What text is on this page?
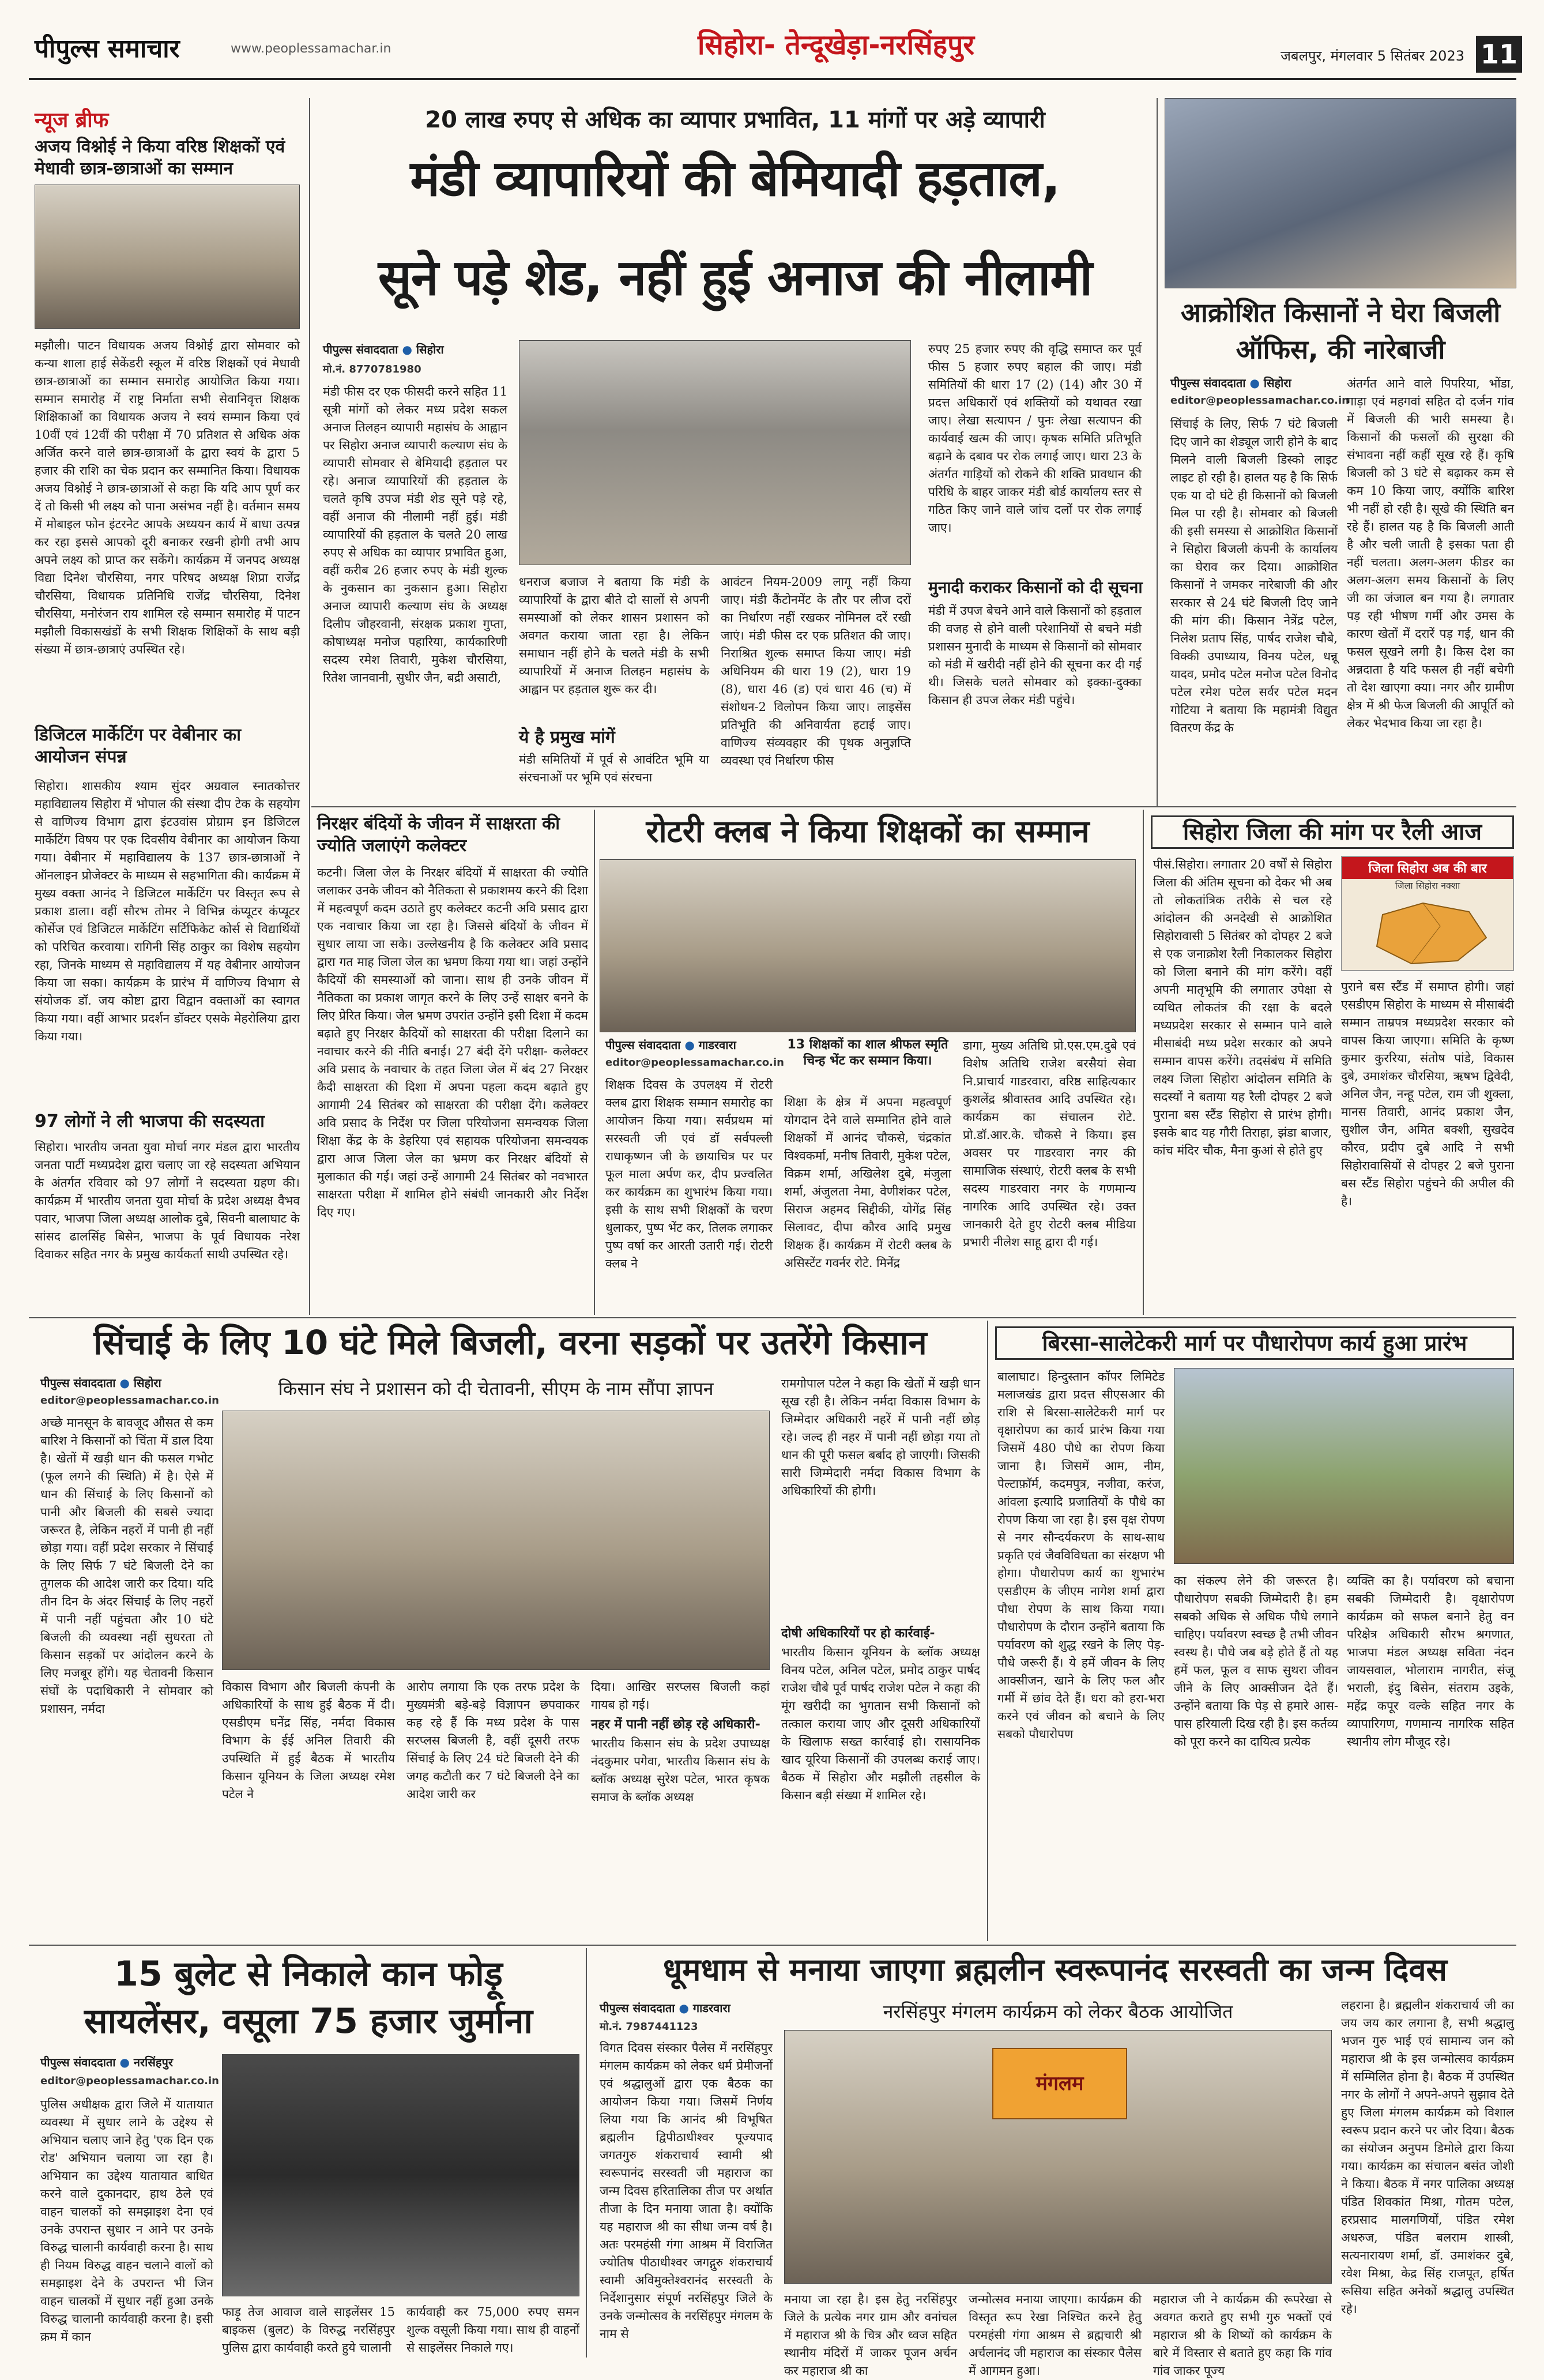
पीपुल्स समाचार	www.peoplessamachar.in	सिहोरा- तेन्दूखेड़ा-नरसिंहपुर	जबलपुर, मंगलवार 5 सितंबर 2023 11
न्यूज ब्रीफ
अजय विश्नोई ने किया वरिष्ठ शिक्षकों एवं मेधावी छात्र-छात्राओं का सम्मान
मझौली। पाटन विधायक अजय विश्नोई द्वारा सोमवार को कन्या शाला हाई सेकेंडरी स्कूल में वरिष्ठ शिक्षकों एवं मेधावी छात्र-छात्राओं का सम्मान समारोह आयोजित किया गया। सम्मान समारोह में राष्ट्र निर्माता सभी सेवानिवृत्त शिक्षक शिक्षिकाओं का विधायक अजय ने स्वयं सम्मान किया एवं 10वीं एवं 12वीं की परीक्षा में 70 प्रतिशत से अधिक अंक अर्जित करने वाले छात्र-छात्राओं के द्वारा स्वयं के द्वारा 5 हजार की राशि का चेक प्रदान कर सम्मानित किया। विधायक अजय विश्नोई ने छात्र-छात्राओं से कहा कि यदि आप पूर्ण कर दें तो किसी भी लक्ष्य को पाना असंभव नहीं है। वर्तमान समय में मोबाइल फोन इंटरनेट आपके अध्ययन कार्य में बाधा उत्पन्न कर रहा इससे आपको दूरी बनाकर रखनी होगी तभी आप अपने लक्ष्य को प्राप्त कर सकेंगे। कार्यक्रम में जनपद अध्यक्ष विद्या दिनेश चौरसिया, नगर परिषद अध्यक्ष शिप्रा राजेंद्र चौरसिया, विधायक प्रतिनिधि राजेंद्र चौरसिया, दिनेश चौरसिया, मनोरंजन राय शामिल रहे सम्मान समारोह में पाटन मझौली विकासखंडों के सभी शिक्षक शिक्षिकों के साथ बड़ी संख्या में छात्र-छात्राएं उपस्थित रहे।
डिजिटल मार्केटिंग पर वेबीनार का आयोजन संपन्न
सिहोरा। शासकीय श्याम सुंदर अग्रवाल स्नातकोत्तर महाविद्यालय सिहोरा में भोपाल की संस्था दीप टेक के सहयोग से वाणिज्य विभाग द्वारा इंटउवांस प्रोग्राम इन डिजिटल मार्केटिंग विषय पर एक दिवसीय वेबीनार का आयोजन किया गया। वेबीनार में महाविद्यालय के 137 छात्र-छात्राओं ने ऑनलाइन प्रोजेक्टर के माध्यम से सहभागिता की। कार्यक्रम में मुख्य वक्ता आनंद ने डिजिटल मार्केटिंग पर विस्तृत रूप से प्रकाश डाला। वहीं सौरभ तोमर ने विभिन्न कंप्यूटर कंप्यूटर कोर्सेज एवं डिजिटल मार्केटिंग सर्टिफिकेट कोर्स से विद्यार्थियों को परिचित करवाया। रागिनी सिंह ठाकुर का विशेष सहयोग रहा, जिनके माध्यम से महाविद्यालय में यह वेबीनार आयोजन किया जा सका। कार्यक्रम के प्रारंभ में वाणिज्य विभाग से संयोजक डॉ. जय कोष्टा द्वारा विद्वान वक्ताओं का स्वागत किया गया। वहीं आभार प्रदर्शन डॉक्टर एसके मेहरोलिया द्वारा किया गया।
97 लोगों ने ली भाजपा की सदस्यता
सिहोरा। भारतीय जनता युवा मोर्चा नगर मंडल द्वारा भारतीय जनता पार्टी मध्यप्रदेश द्वारा चलाए जा रहे सदस्यता अभियान के अंतर्गत रविवार को 97 लोगों ने सदस्यता ग्रहण की। कार्यक्रम में भारतीय जनता युवा मोर्चा के प्रदेश अध्यक्ष वैभव पवार, भाजपा जिला अध्यक्ष आलोक दुबे, सिवनी बालाघाट के सांसद ढालसिंह बिसेन, भाजपा के पूर्व विधायक नरेश दिवाकर सहित नगर के प्रमुख कार्यकर्ता साथी उपस्थित रहे।
20 लाख रुपए से अधिक का व्यापार प्रभावित, 11 मांगों पर अड़े व्यापारी
मंडी व्यापारियों की बेमियादी हड़ताल,
सूने पड़े शेड, नहीं हुई अनाज की नीलामी
पीपुल्स संवाददाता ● सिहोरा
मो.नं. 8770781980
मंडी फीस दर एक फीसदी करने सहित 11 सूत्री मांगों को लेकर मध्य प्रदेश सकल अनाज तिलहन व्यापारी महासंघ के आह्वान पर सिहोरा अनाज व्यापारी कल्याण संघ के व्यापारी सोमवार से बेमियादी हड़ताल पर रहे। अनाज व्यापारियों की हड़ताल के चलते कृषि उपज मंडी शेड सूने पड़े रहे, वहीं अनाज की नीलामी नहीं हुई। मंडी व्यापारियों की हड़ताल के चलते 20 लाख रुपए से अधिक का व्यापार प्रभावित हुआ, वहीं करीब 26 हजार रुपए के मंडी शुल्क के नुकसान का नुकसान हुआ। सिहोरा अनाज व्यापारी कल्याण संघ के अध्यक्ष दिलीप जौहरवानी, संरक्षक प्रकाश गुप्ता, कोषाध्यक्ष मनोज पहारिया, कार्यकारिणी सदस्य रमेश तिवारी, मुकेश चौरसिया, रितेश जानवानी, सुधीर जैन, बद्री असाटी,
धनराज बजाज ने बताया कि मंडी के व्यापारियों के द्वारा बीते दो सालों से अपनी समस्याओं को लेकर शासन प्रशासन को अवगत कराया जाता रहा है। लेकिन समाधान नहीं होने के चलते मंडी के सभी व्यापारियों में अनाज तिलहन महासंघ के आह्वान पर हड़ताल शुरू कर दी।
ये है प्रमुख मांगें
मंडी समितियों में पूर्व से आवंटित भूमि या संरचनाओं पर भूमि एवं संरचना
आवंटन नियम-2009 लागू नहीं किया जाए। मंडी कैंटोनमेंट के तौर पर लीज दरों का निर्धारण नहीं रखकर नोमिनल दरें रखी जाएं। मंडी फीस दर एक प्रतिशत की जाए। निराश्रित शुल्क समाप्त किया जाए। मंडी अधिनियम की धारा 19 (2), धारा 19 (8), धारा 46 (ड) एवं धारा 46 (च) में संशोधन-2 विलोपन किया जाए। लाइसेंस प्रतिभूति की अनिवार्यता हटाई जाए। वाणिज्य संव्यवहार की पृथक अनुज्ञप्ति व्यवस्था एवं निर्धारण फीस
रुपए 25 हजार रुपए की वृद्धि समाप्त कर पूर्व फीस 5 हजार रुपए बहाल की जाए। मंडी समितियों की धारा 17 (2) (14) और 30 में प्रदत्त अधिकारों एवं शक्तियों को यथावत रखा जाए। लेखा सत्यापन / पुनः लेखा सत्यापन की कार्यवाई खत्म की जाए। कृषक समिति प्रतिभूति बढ़ाने के दबाव पर रोक लगाई जाए। धारा 23 के अंतर्गत गाड़ियों को रोकने की शक्ति प्रावधान की परिधि के बाहर जाकर मंडी बोर्ड कार्यालय स्तर से गठित किए जाने वाले जांच दलों पर रोक लगाई जाए।
मुनादी कराकर किसानों को दी सूचना
मंडी में उपज बेचने आने वाले किसानों को हड़ताल की वजह से होने वाली परेशानियों से बचने मंडी प्रशासन मुनादी के माध्यम से किसानों को सोमवार को मंडी में खरीदी नहीं होने की सूचना कर दी गई थी। जिसके चलते सोमवार को इक्का-दुक्का किसान ही उपज लेकर मंडी पहुंचे।
आक्रोशित किसानों ने घेरा बिजली ऑफिस, की नारेबाजी
पीपुल्स संवाददाता ● सिहोरा
editor@peoplessamachar.co.in
सिंचाई के लिए, सिर्फ 7 घंटे बिजली दिए जाने का शेड्यूल जारी होने के बाद मिलने वाली बिजली डिस्को लाइट लाइट हो रही है। हालत यह है कि सिर्फ एक या दो घंटे ही किसानों को बिजली मिल पा रही है। सोमवार को बिजली की इसी समस्या से आक्रोशित किसानों ने सिहोरा बिजली कंपनी के कार्यालय का घेराव कर दिया। आक्रोशित किसानों ने जमकर नारेबाजी की और सरकार से 24 घंटे बिजली दिए जाने की मांग की। किसान नेत्रेंद्र पटेल, निलेश प्रताप सिंह, पार्षद राजेश चौबे, विक्की उपाध्याय, विनय पटेल, धन्नू यादव, प्रमोद पटेल मनोज पटेल विनोद पटेल रमेश पटेल सर्वर पटेल मदन गोटिया ने बताया कि महामंत्री विद्युत वितरण केंद्र के
अंतर्गत आने वाले पिपरिया, भोंडा, गाड़ा एवं महगवां सहित दो दर्जन गांव में बिजली की भारी समस्या है। किसानों की फसलों की सुरक्षा की संभावना नहीं कहीं सूख रहे हैं। कृषि बिजली को 3 घंटे से बढ़ाकर कम से कम 10 किया जाए, क्योंकि बारिश भी नहीं हो रही है। सूखे की स्थिति बन रहे हैं। हालत यह है कि बिजली आती है और चली जाती है इसका पता ही नहीं चलता। अलग-अलग फीडर का अलग-अलग समय किसानों के लिए जी का जंजाल बन गया है। लगातार पड़ रही भीषण गर्मी और उमस के कारण खेतों में दरारें पड़ गई, धान की फसल सूखने लगी है। किस देश का अन्नदाता है यदि फसल ही नहीं बचेगी तो देश खाएगा क्या। नगर और ग्रामीण क्षेत्र में श्री फेज बिजली की आपूर्ति को लेकर भेदभाव किया जा रहा है।
निरक्षर बंदियों के जीवन में साक्षरता की ज्योति जलाएंगे कलेक्टर
कटनी। जिला जेल के निरक्षर बंदियों में साक्षरता की ज्योति जलाकर उनके जीवन को नैतिकता से प्रकाशमय करने की दिशा में महत्वपूर्ण कदम उठाते हुए कलेक्टर कटनी अवि प्रसाद द्वारा एक नवाचार किया जा रहा है। जिससे बंदियों के जीवन में सुधार लाया जा सके। उल्लेखनीय है कि कलेक्टर अवि प्रसाद द्वारा गत माह जिला जेल का भ्रमण किया गया था। जहां उन्होंने कैदियों की समस्याओं को जाना। साथ ही उनके जीवन में नैतिकता का प्रकाश जागृत करने के लिए उन्हें साक्षर बनने के लिए प्रेरित किया। जेल भ्रमण उपरांत उन्होंने इसी दिशा में कदम बढ़ाते हुए निरक्षर कैदियों को साक्षरता की परीक्षा दिलाने का नवाचार करने की नीति बनाई। 27 बंदी देंगे परीक्षा- कलेक्टर अवि प्रसाद के नवाचार के तहत जिला जेल में बंद 27 निरक्षर कैदी साक्षरता की दिशा में अपना पहला कदम बढ़ाते हुए आगामी 24 सितंबर को साक्षरता की परीक्षा देंगे। कलेक्टर अवि प्रसाद के निर्देश पर जिला परियोजना समन्वयक जिला शिक्षा केंद्र के के डेहरिया एवं सहायक परियोजना समन्वयक द्वारा आज जिला जेल का भ्रमण कर निरक्षर बंदियों से मुलाकात की गई। जहां उन्हें आगामी 24 सितंबर को नवभारत साक्षरता परीक्षा में शामिल होने संबंधी जानकारी और निर्देश दिए गए।
रोटरी क्लब ने किया शिक्षकों का सम्मान
पीपुल्स संवाददाता ● गाडरवारा
editor@peoplessamachar.co.in
शिक्षक दिवस के उपलक्ष्य में रोटरी क्लब द्वारा शिक्षक सम्मान समारोह का आयोजन किया गया। सर्वप्रथम मां सरस्वती जी एवं डॉ सर्वपल्ली राधाकृष्णन जी के छायाचित्र पर पर फूल माला अर्पण कर, दीप प्रज्वलित कर कार्यक्रम का शुभारंभ किया गया। इसी के साथ सभी शिक्षकों के चरण धुलाकर, पुष्प भेंट कर, तिलक लगाकर पुष्प वर्षा कर आरती उतारी गई। रोटरी क्लब ने
13 शिक्षकों का शाल श्रीफल स्मृति चिन्ह भेंट कर सम्मान किया।
शिक्षा के क्षेत्र में अपना महत्वपूर्ण योगदान देने वाले सम्मानित होने वाले शिक्षकों में आनंद चौकसे, चंद्रकांत विश्वकर्मा, मनीष तिवारी, मुकेश पटेल, विक्रम शर्मा, अखिलेश दुबे, मंजुला शर्मा, अंजुलता नेमा, वेणीशंकर पटेल, सिराज अहमद सिद्दीकी, योगेंद्र सिंह सिलावट, दीपा कौरव आदि प्रमुख शिक्षक हैं। कार्यक्रम में रोटरी क्लब के असिस्टेंट गवर्नर रोटे. मिनेंद्र
डागा, मुख्य अतिथि प्रो.एस.एम.दुबे एवं विशेष अतिथि राजेश बरसैयां सेवा नि.प्राचार्य गाडरवारा, वरिष्ठ साहित्यकार कुशलेंद्र श्रीवास्तव आदि उपस्थित रहे। कार्यक्रम का संचालन रोटे. प्रो.डॉ.आर.के. चौकसे ने किया। इस अवसर पर गाडरवारा नगर की सामाजिक संस्थाएं, रोटरी क्लब के सभी सदस्य गाडरवारा नगर के गणमान्य नागरिक आदि उपस्थित रहे। उक्त जानकारी देते हुए रोटरी क्लब मीडिया प्रभारी नीलेश साहू द्वारा दी गई।
सिहोरा जिला की मांग पर रैली आज
पीसं.सिहोरा। लगातार 20 वर्षों से सिहोरा जिला की अंतिम सूचना को देकर भी अब तो लोकतांत्रिक तरीके से चल रहे आंदोलन की अनदेखी से आक्रोशित सिहोरावासी 5 सितंबर को दोपहर 2 बजे से एक जनाक्रोश रैली निकालकर सिहोरा को जिला बनाने की मांग करेंगे। वहीं अपनी मातृभूमि की लगातार उपेक्षा से व्यथित लोकतंत्र की रक्षा के बदले मध्यप्रदेश सरकार से सम्मान पाने वाले मीसाबंदी मध्य प्रदेश सरकार को अपने सम्मान वापस करेंगे। तदसंबंध में समिति लक्ष्य जिला सिहोरा आंदोलन समिति के सदस्यों ने बताया यह रैली दोपहर 2 बजे पुराना बस स्टैंड सिहोरा से प्रारंभ होगी। इसके बाद यह गौरी तिराहा, झंडा बाजार, कांच मंदिर चौक, मैना कुआं से होते हुए
जिला सिहोरा अब की बार
जिला सिहोरा नक्शा
पुराने बस स्टैंड में समाप्त होगी। जहां एसडीएम सिहोरा के माध्यम से मीसाबंदी सम्मान ताम्रपत्र मध्यप्रदेश सरकार को वापस किया जाएगा। समिति के कृष्ण कुमार कुररिया, संतोष पांडे, विकास दुबे, उमाशंकर चौरसिया, ऋषभ द्विवेदी, अनिल जैन, नन्हू पटेल, राम जी शुक्ला, मानस तिवारी, आनंद प्रकाश जैन, सुशील जैन, अमित बक्शी, सुखदेव कौरव, प्रदीप दुबे आदि ने सभी सिहोरावासियों से दोपहर 2 बजे पुराना बस स्टैंड सिहोरा पहुंचने की अपील की है।
सिंचाई के लिए 10 घंटे मिले बिजली, वरना सड़कों पर उतरेंगे किसान
पीपुल्स संवाददाता ● सिहोरा
editor@peoplessamachar.co.in
किसान संघ ने प्रशासन को दी चेतावनी, सीएम के नाम सौंपा ज्ञापन
अच्छे मानसून के बावजूद औसत से कम बारिश ने किसानों को चिंता में डाल दिया है। खेतों में खड़ी धान की फसल गभोट (फूल लगने की स्थिति) में है। ऐसे में धान की सिंचाई के लिए किसानों को पानी और बिजली की सबसे ज्यादा जरूरत है, लेकिन नहरों में पानी ही नहीं छोड़ा गया। वहीं प्रदेश सरकार ने सिंचाई के लिए सिर्फ 7 घंटे बिजली देने का तुगलक की आदेश जारी कर दिया। यदि तीन दिन के अंदर सिंचाई के लिए नहरों में पानी नहीं पहुंचता और 10 घंटे बिजली की व्यवस्था नहीं सुधरता तो किसान सड़कों पर आंदोलन करने के लिए मजबूर होंगे। यह चेतावनी किसान संघों के पदाधिकारी ने सोमवार को प्रशासन, नर्मदा
विकास विभाग और बिजली कंपनी के अधिकारियों के साथ हुई बैठक में दी। एसडीएम घनेंद्र सिंह, नर्मदा विकास विभाग के ईई अनिल तिवारी की उपस्थिति में हुई बैठक में भारतीय किसान यूनियन के जिला अध्यक्ष रमेश पटेल ने
आरोप लगाया कि एक तरफ प्रदेश के मुख्यमंत्री बड़े-बड़े विज्ञापन छपवाकर कह रहे हैं कि मध्य प्रदेश के पास सरप्लस बिजली है, वहीं दूसरी तरफ सिंचाई के लिए 24 घंटे बिजली देने की जगह कटौती कर 7 घंटे बिजली देने का आदेश जारी कर
दिया। आखिर सरप्लस बिजली कहां गायब हो गई।
नहर में पानी नहीं छोड़ रहे अधिकारी-
भारतीय किसान संघ के प्रदेश उपाध्यक्ष नंदकुमार पगेवा, भारतीय किसान संघ के ब्लॉक अध्यक्ष सुरेश पटेल, भारत कृषक समाज के ब्लॉक अध्यक्ष
रामगोपाल पटेल ने कहा कि खेतों में खड़ी धान सूख रही है। लेकिन नर्मदा विकास विभाग के जिम्मेदार अधिकारी नहरें में पानी नहीं छोड़ रहे। जल्द ही नहर में पानी नहीं छोड़ा गया तो धान की पूरी फसल बर्बाद हो जाएगी। जिसकी सारी जिम्मेदारी नर्मदा विकास विभाग के अधिकारियों की होगी।
दोषी अधिकारियों पर हो कार्रवाई-
भारतीय किसान यूनियन के ब्लॉक अध्यक्ष विनय पटेल, अनिल पटेल, प्रमोद ठाकुर पार्षद राजेश चौबे पूर्व पार्षद राजेश पटेल ने कहा की मूंग खरीदी का भुगतान सभी किसानों को तत्काल कराया जाए और दूसरी अधिकारियों के खिलाफ सख्त कार्रवाई हो। रासायनिक खाद यूरिया किसानों की उपलब्ध कराई जाए। बैठक में सिहोरा और मझौली तहसील के किसान बड़ी संख्या में शामिल रहे।
बिरसा-सालेटेकरी मार्ग पर पौधारोपण कार्य हुआ प्रारंभ
बालाघाट। हिन्दुस्तान कॉपर लिमिटेड मलाजखंड द्वारा प्रदत्त सीएसआर की राशि से बिरसा-सालेटेकरी मार्ग पर वृक्षारोपण का कार्य प्रारंभ किया गया जिसमें 480 पौधे का रोपण किया जाना है। जिसमें आम, नीम, पेल्टाफ़ाॅर्म, कदमपुत्र, नजीवा, करंज, आंवला इत्यादि प्रजातियों के पौधे का रोपण किया जा रहा है। इस वृक्ष रोपण से नगर सौन्दर्यकरण के साथ-साथ प्रकृति एवं जैवविविधता का संरक्षण भी होगा। पौधारोपण कार्य का शुभारंभ एसडीएम के जीएम नागेश शर्मा द्वारा पौधा रोपण के साथ किया गया। पौधारोपण के दौरान उन्होंने बताया कि पर्यावरण को शुद्ध रखने के लिए पेड़-पौधे जरूरी हैं। ये हमें जीवन के लिए आक्सीजन, खाने के लिए फल और गर्मी में छांव देते हैं। धरा को हरा-भरा करने एवं जीवन को बचाने के लिए सबको पौधारोपण
का संकल्प लेने की जरूरत है। पौधारोपण सबकी जिम्मेदारी है। हम सबको अधिक से अधिक पौधे लगाने चाहिए। पर्यावरण स्वच्छ है तभी जीवन स्वस्थ है। पौधे जब बड़े होते हैं तो यह हमें फल, फूल व साफ सुथरा जीवन जीने के लिए आक्सीजन देते हैं। उन्होंने बताया कि पेड़ से हमारे आस-पास हरियाली दिख रही है। इस कर्तव्य को पूरा करने का दायित्व प्रत्येक
व्यक्ति का है। पर्यावरण को बचाना सबकी जिम्मेदारी है। वृक्षारोपण कार्यक्रम को सफल बनाने हेतु वन परिक्षेत्र अधिकारी सौरभ श्रगणात, भाजपा मंडल अध्यक्ष सविता नंदन जायसवाल, भोलाराम नागरीत, संजू भराली, इंदु बिसेन, संतराम उइके, महेंद्र कपूर वल्के सहित नगर के व्यापारिगण, गणमान्य नागरिक सहित स्थानीय लोग मौजूद रहे।
15 बुलेट से निकाले कान फोड़ू
सायलेंसर, वसूला 75 हजार जुर्माना
पीपुल्स संवाददाता ● नरसिंहपुर
editor@peoplessamachar.co.in
पुलिस अधीक्षक द्वारा जिले में यातायात व्यवस्था में सुधार लाने के उद्देश्य से अभियान चलाए जाने हेतु 'एक दिन एक रोड' अभियान चलाया जा रहा है। अभियान का उद्देश्य यातायात बाधित करने वाले दुकानदार, हाथ ठेले एवं वाहन चालकों को समझाइश देना एवं उनके उपरान्त सुधार न आने पर उनके विरुद्ध चालानी कार्यवाही करना है। साथ ही नियम विरुद्ध वाहन चलाने वालों को समझाइश देने के उपरान्त भी जिन वाहन चालकों में सुधार नहीं हुआ उनके विरुद्ध चालानी कार्यवाही करना है। इसी क्रम में कान
फाड़ू तेज आवाज वाले साइलेंसर 15 बाइकस (बुलट) के विरुद्ध नरसिंहपुर पुलिस द्वारा कार्यवाही करते हुये चालानी
कार्यवाही कर 75,000 रुपए समन शुल्क वसूली किया गया। साथ ही वाहनों से साइलेंसर निकाले गए।
धूमधाम से मनाया जाएगा ब्रह्मलीन स्वरूपानंद सरस्वती का जन्म दिवस
पीपुल्स संवाददाता ● गाडरवारा
मो.नं. 7987441123
नरसिंहपुर मंगलम कार्यक्रम को लेकर बैठक आयोजित
विगत दिवस संस्कार पैलेस में नरसिंहपुर मंगलम कार्यक्रम को लेकर धर्म प्रेमीजनों एवं श्रद्धालुओं द्वारा एक बैठक का आयोजन किया गया। जिसमें निर्णय लिया गया कि आनंद श्री विभूषित ब्रह्मलीन द्विपीठाधीश्वर पूज्यपाद जगतगुरु शंकराचार्य स्वामी श्री स्वरूपानंद सरस्वती जी महाराज का जन्म दिवस हरितालिका तीज पर अर्थात तीजा के दिन मनाया जाता है। क्योंकि यह महाराज श्री का सीधा जन्म वर्ष है। अतः परमहंसी गंगा आश्रम में विराजित ज्योतिष पीठाधीश्वर जगद्गुरु शंकराचार्य स्वामी अविमुक्तेश्वरानंद सरस्वती के निर्देशानुसार संपूर्ण नरसिंहपुर जिले के उनके जन्मोत्सव के नरसिंहपुर मंगलम के नाम से
मंगलम
मनाया जा रहा है। इस हेतु नरसिंहपुर जिले के प्रत्येक नगर ग्राम और वनांचल में महाराज श्री के चित्र और ध्वज सहित स्थानीय मंदिरों में जाकर पूजन अर्चन कर महाराज श्री का
जन्मोत्सव मनाया जाएगा। कार्यक्रम की विस्तृत रूप रेखा निश्चित करने हेतु परमहंसी गंगा आश्रम से ब्रह्मचारी श्री अर्चलानंद जी महाराज का संस्कार पैलेस में आगमन हुआ।
महाराज जी ने कार्यक्रम की रूपरेखा से अवगत कराते हुए सभी गुरु भक्तों एवं महाराज श्री के शिष्यों को कार्यक्रम के बारे में विस्तार से बताते हुए कहा कि गांव गांव जाकर पूज्य
लहराना है। ब्रह्मलीन शंकराचार्य जी का जय जय कार लगाना है, सभी श्रद्धालु भजन गुरु भाई एवं सामान्य जन को महाराज श्री के इस जन्मोत्सव कार्यक्रम में सम्मिलित होना है। बैठक में उपस्थित नगर के लोगों ने अपने-अपने सुझाव देते हुए जिला मंगलम कार्यक्रम को विशाल स्वरूप प्रदान करने पर जोर दिया। बैठक का संयोजन अनुपम डिमोले द्वारा किया गया। कार्यक्रम का संचालन बसंत जोशी ने किया। बैठक में नगर पालिका अध्यक्ष पंडित शिवकांत मिश्रा, गोतम पटेल, हरप्रसाद मालगणियों, पंडित रमेश अधरुज, पंडित बलराम शास्त्री, सत्यनारायण शर्मा, डॉ. उमाशंकर दुबे, रवेश मिश्रा, केद्र सिंह राजपूत, हर्षित रूसिया सहित अनेकों श्रद्धालु उपस्थित रहे।
